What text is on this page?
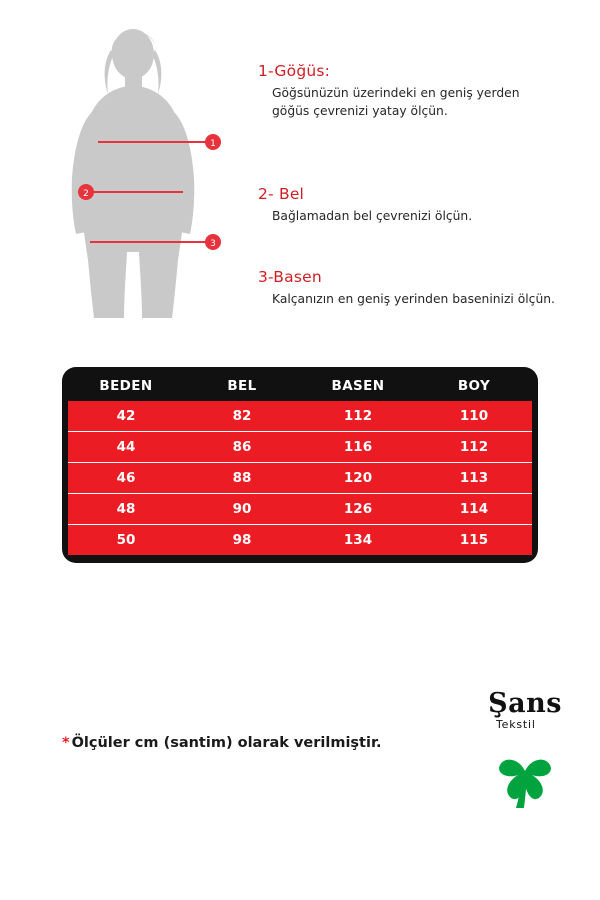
1
2
3

1-Göğüs:

Göğsünüzün üzerindeki en geniş yerden göğüs çevrenizi yatay ölçün.

2- Bel

Bağlamadan bel çevrenizi ölçün.

3-Basen

Kalçanızın en geniş yerinden baseninizi ölçün.

BEDEN	BEL	BASEN	BOY
42	82	112	110
44	86	116	112
46	88	120	113
48	90	126	114
50	98	134	115
* Ölçüler cm (santim) olarak verilmiştir.
Şans
Tekstil
